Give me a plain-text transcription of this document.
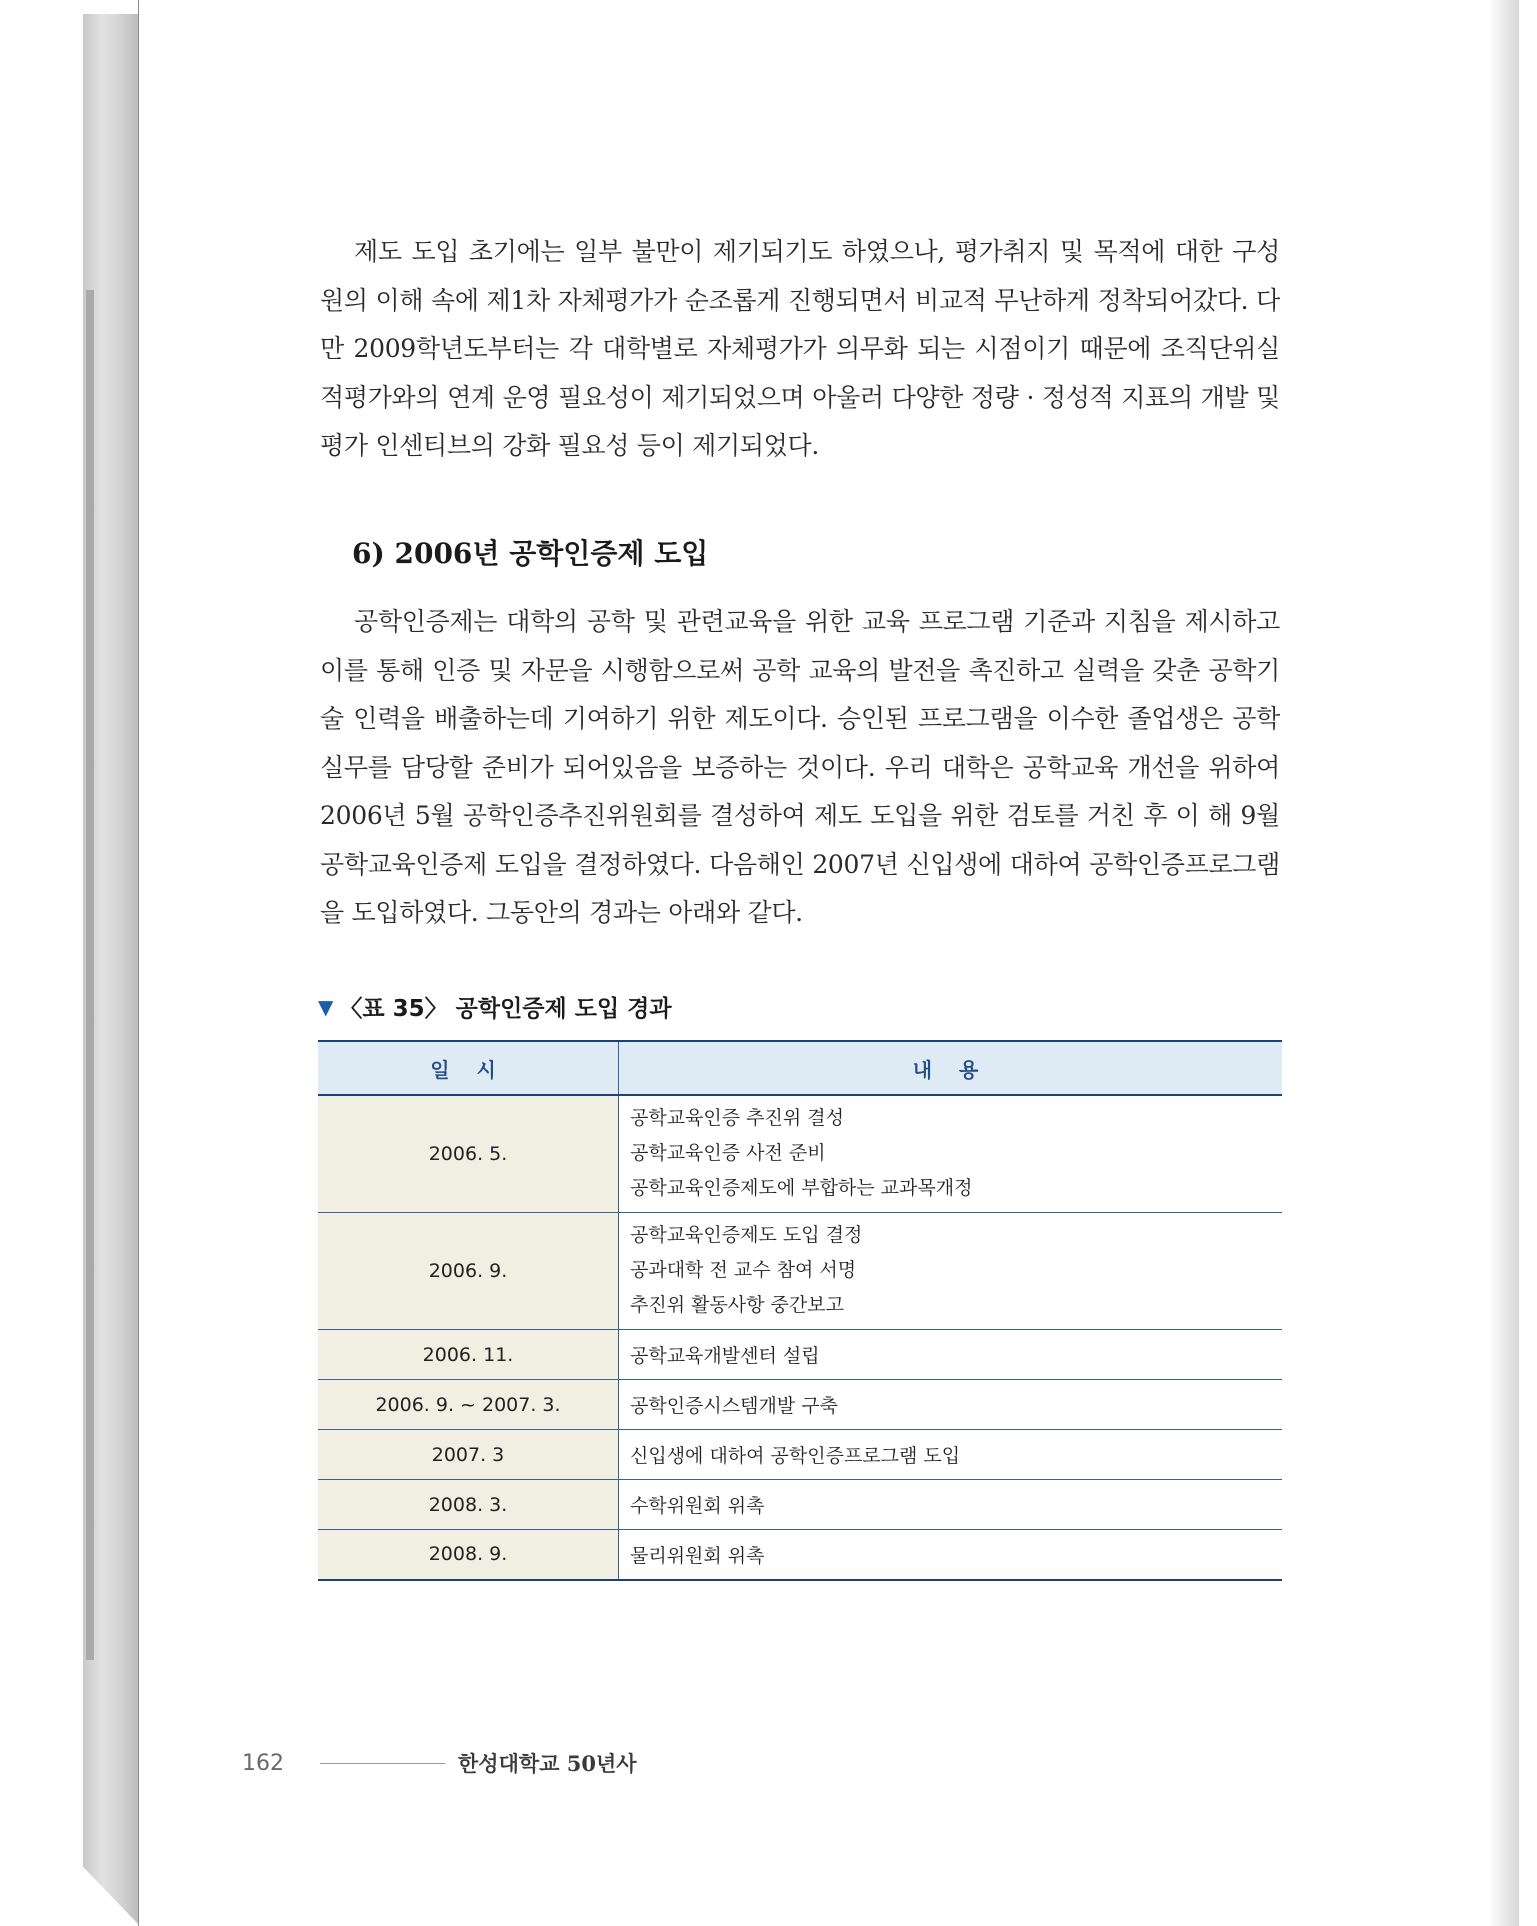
제도 도입 초기에는 일부 불만이 제기되기도 하였으나, 평가취지 및 목적에 대한 구성원의 이해 속에 제1차 자체평가가 순조롭게 진행되면서 비교적 무난하게 정착되어갔다. 다만 2009학년도부터는 각 대학별로 자체평가가 의무화 되는 시점이기 때문에 조직단위실적평가와의 연계 운영 필요성이 제기되었으며 아울러 다양한 정량 · 정성적 지표의 개발 및 평가 인센티브의 강화 필요성 등이 제기되었다.

6) 2006년 공학인증제 도입

공학인증제는 대학의 공학 및 관련교육을 위한 교육 프로그램 기준과 지침을 제시하고 이를 통해 인증 및 자문을 시행함으로써 공학 교육의 발전을 촉진하고 실력을 갖춘 공학기술 인력을 배출하는데 기여하기 위한 제도이다. 승인된 프로그램을 이수한 졸업생은 공학실무를 담당할 준비가 되어있음을 보증하는 것이다. 우리 대학은 공학교육 개선을 위하여 2006년 5월 공학인증추진위원회를 결성하여 제도 도입을 위한 검토를 거친 후 이 해 9월 공학교육인증제 도입을 결정하였다. 다음해인 2007년 신입생에 대하여 공학인증프로그램을 도입하였다. 그동안의 경과는 아래와 같다.

▼ 〈표 35〉 공학인증제 도입 경과
일 시	내 용
2006. 5.	공학교육인증 추진위 결성
공학교육인증 사전 준비
공학교육인증제도에 부합하는 교과목개정

2006. 9.	공학교육인증제도 도입 결정
공과대학 전 교수 참여 서명
추진위 활동사항 중간보고

2006. 11.	공학교육개발센터 설립
2006. 9. ~ 2007. 3.	공학인증시스템개발 구축
2007. 3	신입생에 대하여 공학인증프로그램 도입
2008. 3.	수학위원회 위촉
2008. 9.	물리위원회 위촉
162	한성대학교 50년사
